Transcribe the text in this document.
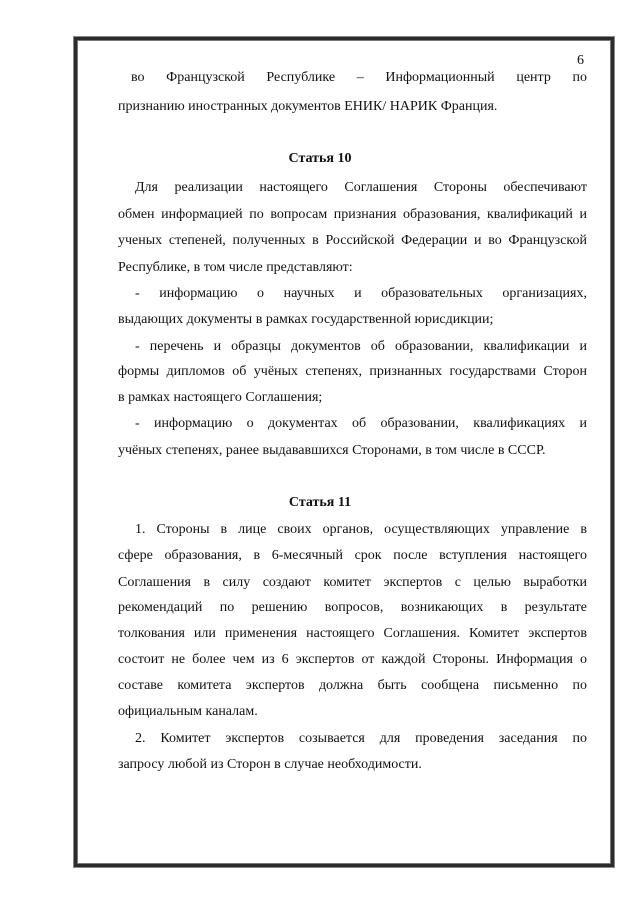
6
во Французской Республике – Информационный центр по
признанию иностранных документов ЕНИК/ НАРИК Франция.
Статья 10
Для реализации настоящего Соглашения Стороны обеспечивают
обмен информацией по вопросам признания образования, квалификаций и
ученых степеней, полученных в Российской Федерации и во Французской
Республике, в том числе представляют:
- информацию о научных и образовательных организациях,
выдающих документы в рамках государственной юрисдикции;
- перечень и образцы документов об образовании, квалификации и
формы дипломов об учёных степенях, признанных государствами Сторон
в рамках настоящего Соглашения;
- информацию о документах об образовании, квалификациях и
учёных степенях, ранее выдававшихся Сторонами, в том числе в СССР.
Статья 11
1. Стороны в лице своих органов, осуществляющих управление в
сфере образования, в 6-месячный срок после вступления настоящего
Соглашения в силу создают комитет экспертов с целью выработки
рекомендаций по решению вопросов, возникающих в результате
толкования или применения настоящего Соглашения. Комитет экспертов
состоит не более чем из 6 экспертов от каждой Стороны. Информация о
составе комитета экспертов должна быть сообщена письменно по
официальным каналам.
2. Комитет экспертов созывается для проведения заседания по
запросу любой из Сторон в случае необходимости.
